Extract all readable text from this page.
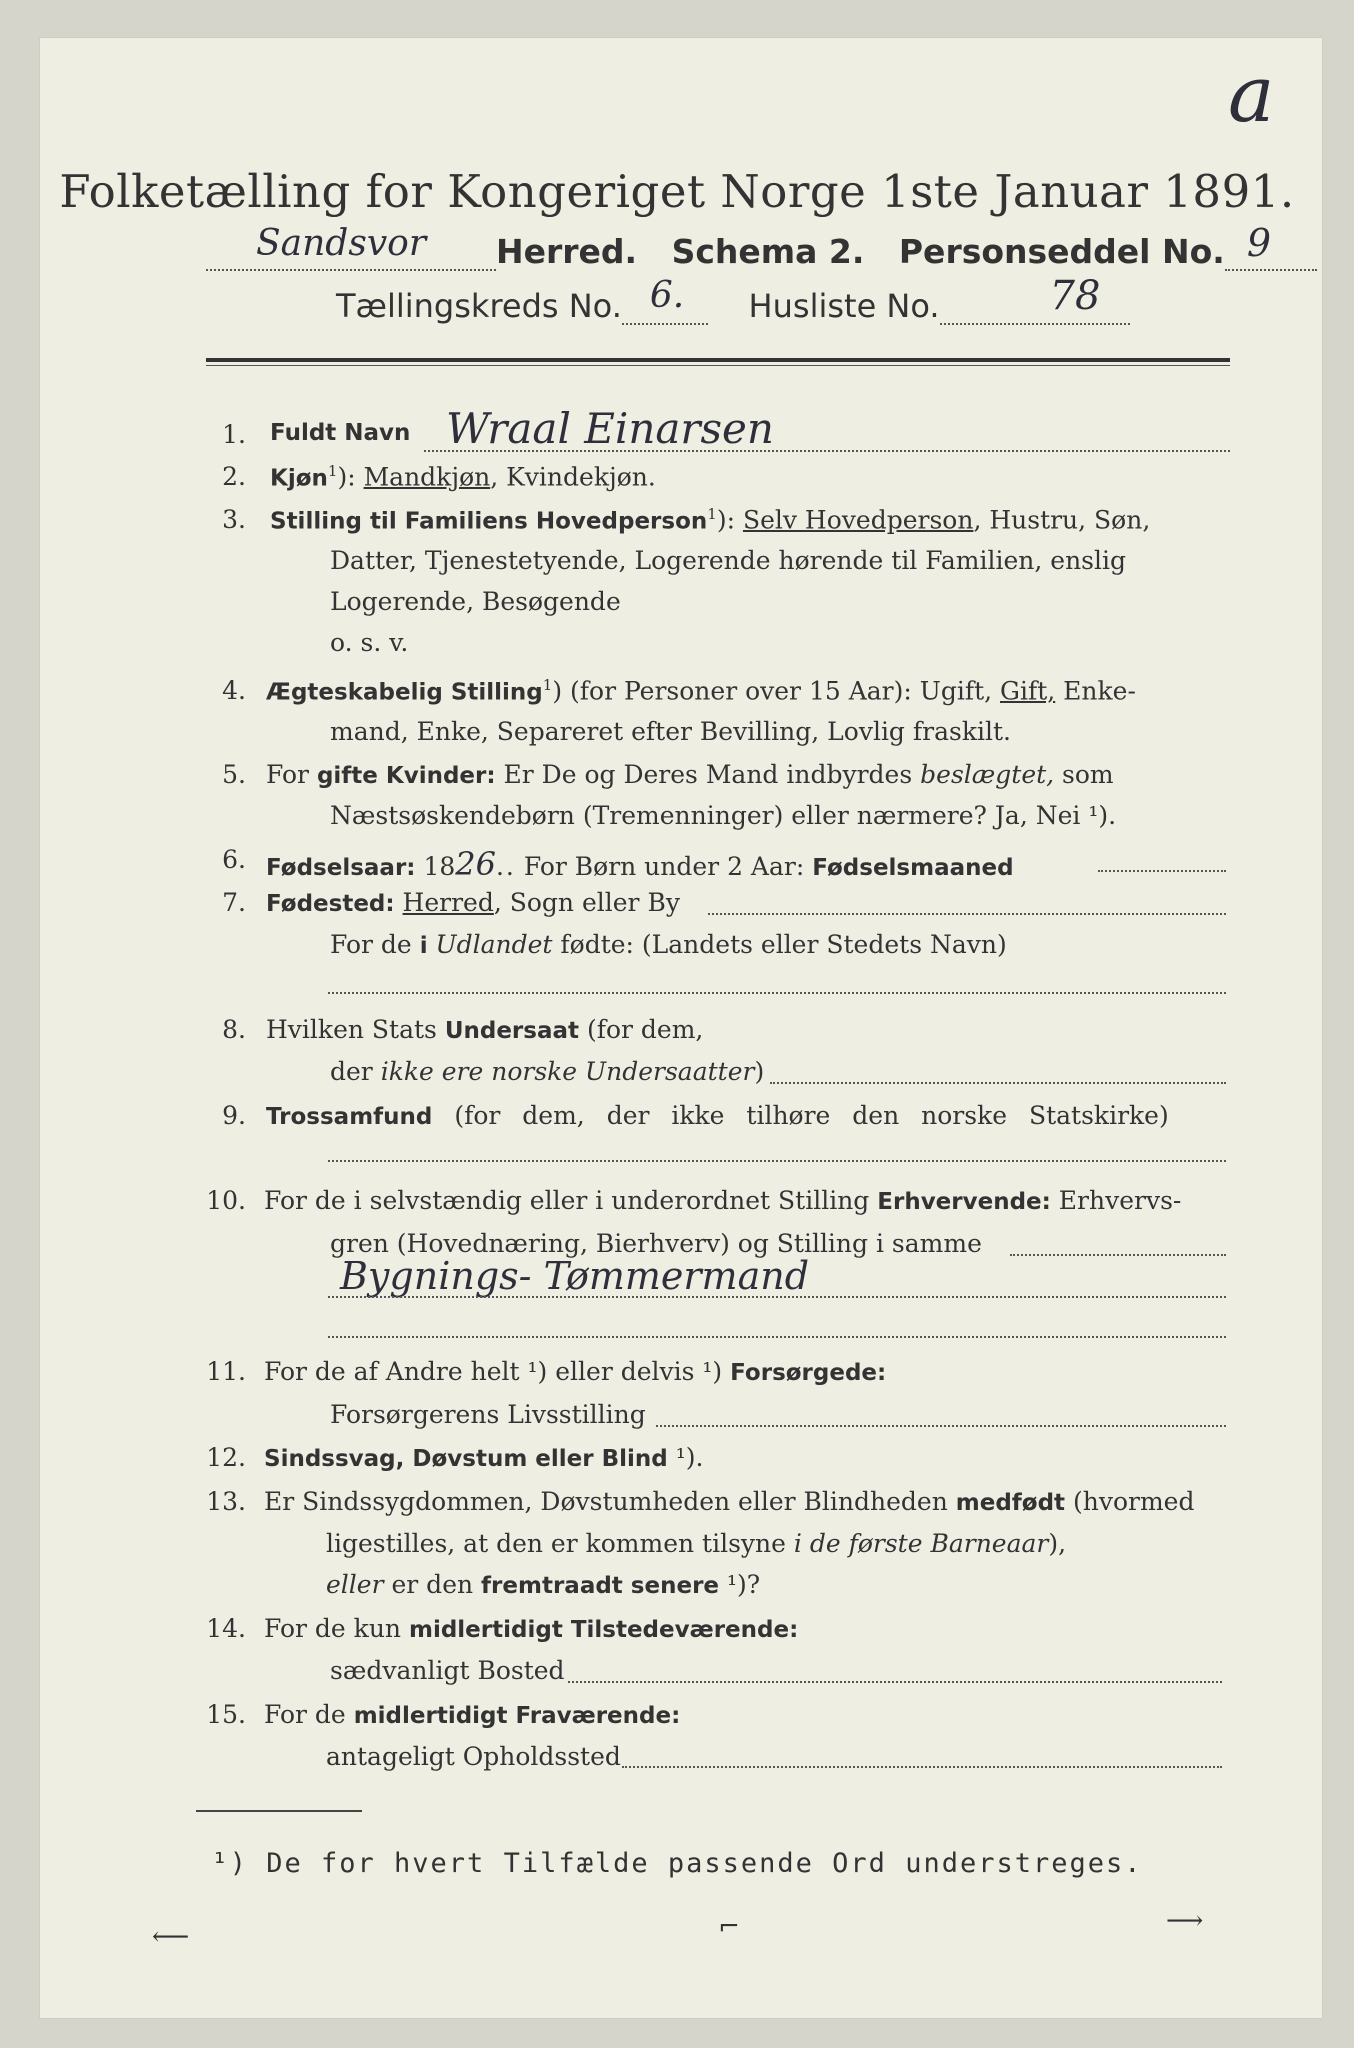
a
Folketælling for Kongeriget Norge 1ste Januar 1891.
Sandsvor Herred. Schema 2. Personseddel No. 9
Tællingskreds No. 6. Husliste No.	78
1. Fuldt Navn Wraal Einarsen
2. Kjøn$^1$): Mandkjøn, Kvindekjøn.
3. Stilling til Familiens Hovedperson$^1$): Selv Hovedperson, Hustru, Søn,
Datter, Tjenestetyende, Logerende hørende til Familien, enslig
Logerende, Besøgende
o. s. v.
4. Ægteskabelig Stilling$^1$) (for Personer over 15 Aar): Ugift, Gift, Enke-
mand, Enke, Separeret efter Bevilling, Lovlig fraskilt.
5. For gifte Kvinder: Er De og Deres Mand indbyrdes beslægtet, som
Næstsøskendebørn (Tremenninger) eller nærmere? Ja, Nei ¹).
6. Fødselsaar: 1826.. For Børn under 2 Aar: Fødselsmaaned
7. Fødested: Herred, Sogn eller By
For de i Udlandet fødte: (Landets eller Stedets Navn)
8. Hvilken Stats Undersaat (for dem,
der ikke ere norske Undersaatter)
9. Trossamfund (for dem, der ikke tilhøre den norske Statskirke)
10. For de i selvstændig eller i underordnet Stilling Erhvervende: Erhvervs-
gren (Hovednæring, Bierhverv) og Stilling i samme
Bygnings- Tømmermand
11. For de af Andre helt ¹) eller delvis ¹) Forsørgede:
Forsørgerens Livsstilling
12. Sindssvag, Døvstum eller Blind ¹).
13. Er Sindssygdommen, Døvstumheden eller Blindheden medfødt (hvormed
ligestilles, at den er kommen tilsyne i de første Barneaar),
eller er den fremtraadt senere ¹)?
14. For de kun midlertidigt Tilstedeværende:
sædvanligt Bosted
15. For de midlertidigt Fraværende:
antageligt Opholdssted
¹) De for hvert Tilfælde passende Ord understreges.
⟵	⌐	⟶
